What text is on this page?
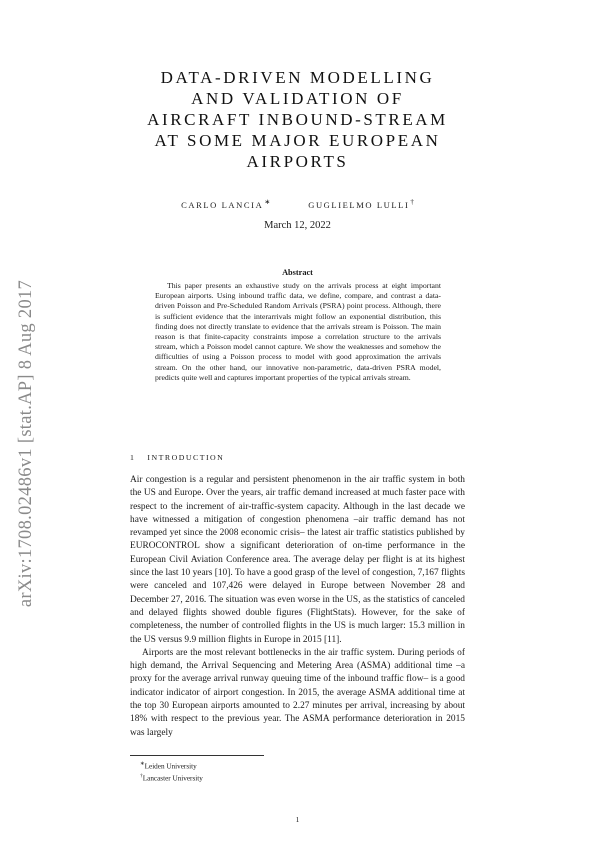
arXiv:1708.02486v1 [stat.AP] 8 Aug 2017
DATA-DRIVEN MODELLING
AND VALIDATION OF
AIRCRAFT INBOUND-STREAM
AT SOME MAJOR EUROPEAN
AIRPORTS
CARLO LANCIA∗	GUGLIELMO LULLI†
March 12, 2022
Abstract

This paper presents an exhaustive study on the arrivals process at eight important European airports. Using inbound traffic data, we define, compare, and contrast a data-driven Poisson and Pre-Scheduled Random Arrivals (PSRA) point process. Although, there is sufficient evidence that the interarrivals might follow an exponential distribution, this finding does not directly translate to evidence that the arrivals stream is Poisson. The main reason is that finite-capacity constraints impose a correlation structure to the arrivals stream, which a Poisson model cannot capture. We show the weaknesses and somehow the difficulties of using a Poisson process to model with good approximation the arrivals stream. On the other hand, our innovative non-parametric, data-driven PSRA model, predicts quite well and captures important properties of the typical arrivals stream.

1 INTRODUCTION

Air congestion is a regular and persistent phenomenon in the air traffic system in both the US and Europe. Over the years, air traffic demand increased at much faster pace with respect to the increment of air-traffic-system capacity. Although in the last decade we have witnessed a mitigation of congestion phenomena –air traffic demand has not revamped yet since the 2008 economic crisis– the latest air traffic statistics published by EUROCONTROL show a significant deterioration of on-time performance in the European Civil Aviation Conference area. The average delay per flight is at its highest since the last 10 years [10]. To have a good grasp of the level of congestion, 7,167 flights were canceled and 107,426 were delayed in Europe between November 28 and December 27, 2016. The situation was even worse in the US, as the statistics of canceled and delayed flights showed double figures (FlightStats). However, for the sake of completeness, the number of controlled flights in the US is much larger: 15.3 million in the US versus 9.9 million flights in Europe in 2015 [11].

Airports are the most relevant bottlenecks in the air traffic system. During periods of high demand, the Arrival Sequencing and Metering Area (ASMA) additional time –a proxy for the average arrival runway queuing time of the inbound traffic flow– is a good indicator indicator of airport congestion. In 2015, the average ASMA additional time at the top 30 European airports amounted to 2.27 minutes per arrival, increasing by about 18% with respect to the previous year. The ASMA performance deterioration in 2015 was largely

∗Leiden University
†Lancaster University
1
